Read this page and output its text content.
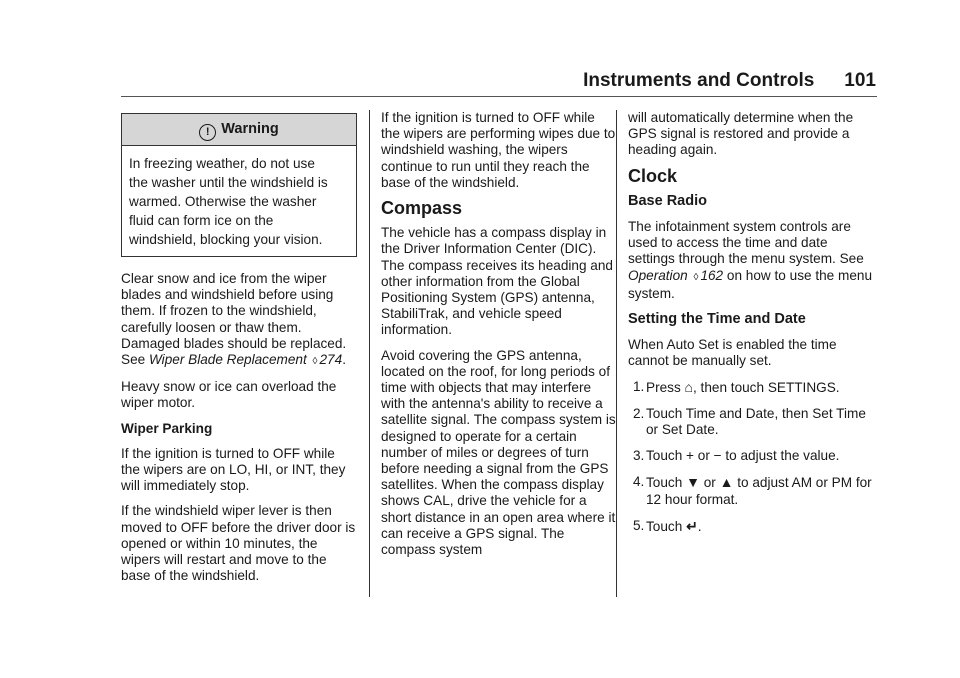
Instruments and Controls 101
! Warning
In freezing weather, do not use
the washer until the windshield is
warmed. Otherwise the washer
fluid can form ice on the
windshield, blocking your vision.

Clear snow and ice from the wiper blades and windshield before using them. If frozen to the windshield, carefully loosen or thaw them. Damaged blades should be replaced. See Wiper Blade Replacement ◊ 274.

Heavy snow or ice can overload the wiper motor.

Wiper Parking

If the ignition is turned to OFF while the wipers are on LO, HI, or INT, they will immediately stop.

If the windshield wiper lever is then moved to OFF before the driver door is opened or within 10 minutes, the wipers will restart and move to the base of the windshield.

If the ignition is turned to OFF while the wipers are performing wipes due to windshield washing, the wipers continue to run until they reach the base of the windshield.

Compass

The vehicle has a compass display in the Driver Information Center (DIC). The compass receives its heading and other information from the Global Positioning System (GPS) antenna, StabiliTrak, and vehicle speed information.

Avoid covering the GPS antenna, located on the roof, for long periods of time with objects that may interfere with the antenna's ability to receive a satellite signal. The compass system is designed to operate for a certain number of miles or degrees of turn before needing a signal from the GPS satellites. When the compass display shows CAL, drive the vehicle for a short distance in an open area where it can receive a GPS signal. The compass system

will automatically determine when the GPS signal is restored and provide a heading again.

Clock
Base Radio

The infotainment system controls are used to access the time and date settings through the menu system. See Operation ◊ 162 on how to use the menu system.

Setting the Time and Date

When Auto Set is enabled the time cannot be manually set.

1. Press ⌂, then touch SETTINGS.
2. Touch Time and Date, then Set Time or Set Date.
3. Touch + or − to adjust the value.
4. Touch ▼ or ▲ to adjust AM or PM for 12 hour format.
5. Touch ↵.
